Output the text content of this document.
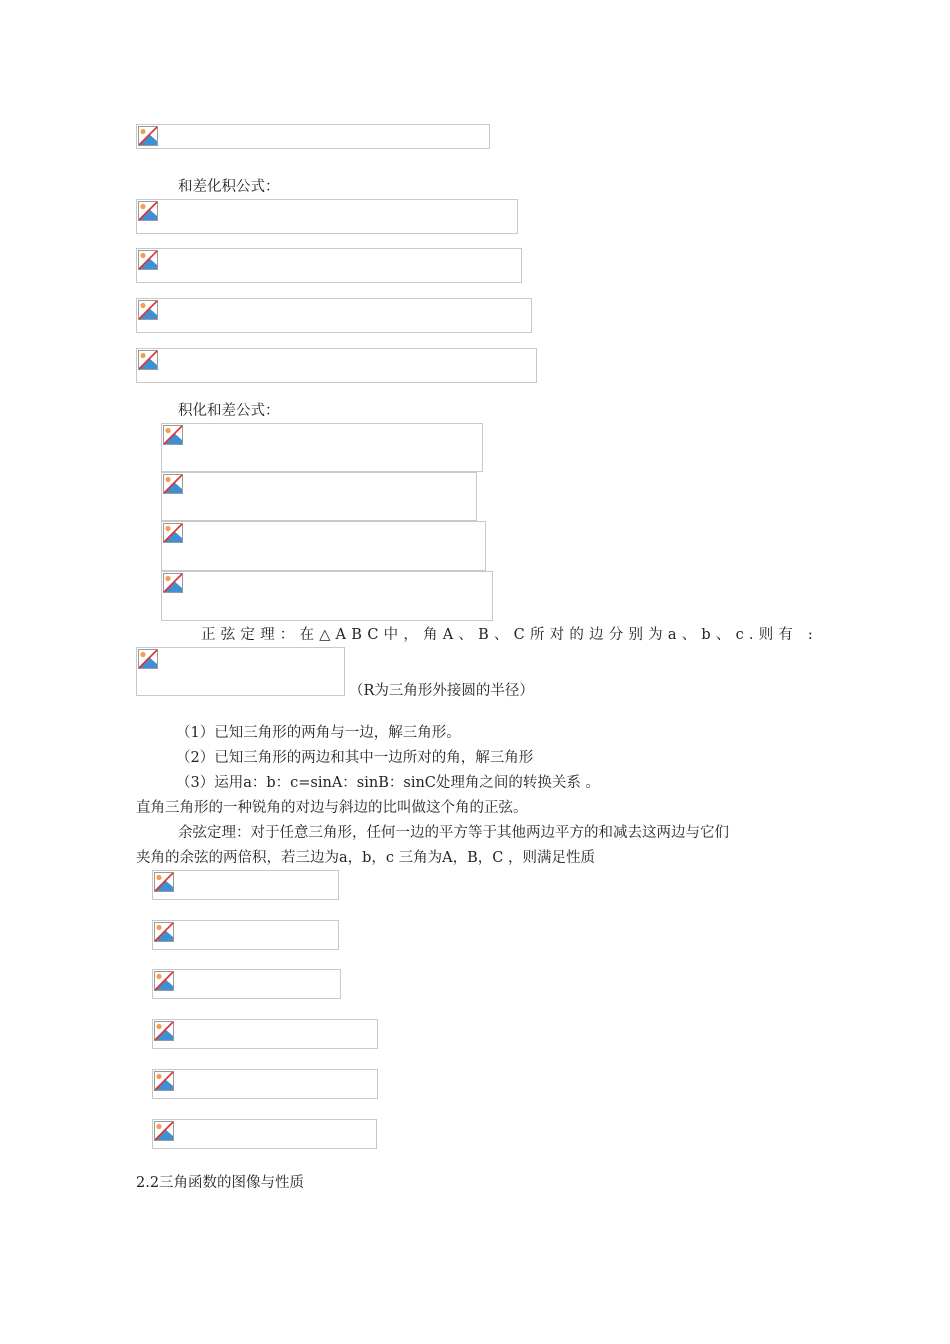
和差化积公式：
积化和差公式：
正弦定理：在△ABC中，角A、B、C所对的边分别为a、b、c.则有 :
（R为三角形外接圆的半径）
（1）已知三角形的两角与一边，解三角形。
（2）已知三角形的两边和其中一边所对的角，解三角形
（3）运用a：b：c=sinA：sinB：sinC处理角之间的转换关系 。
直角三角形的一种锐角的对边与斜边的比叫做这个角的正弦。
余弦定理：对于任意三角形，任何一边的平方等于其他两边平方的和减去这两边与它们
夹角的余弦的两倍积，若三边为a，b，c 三角为A，B，C ，则满足性质
2.2三角函数的图像与性质
